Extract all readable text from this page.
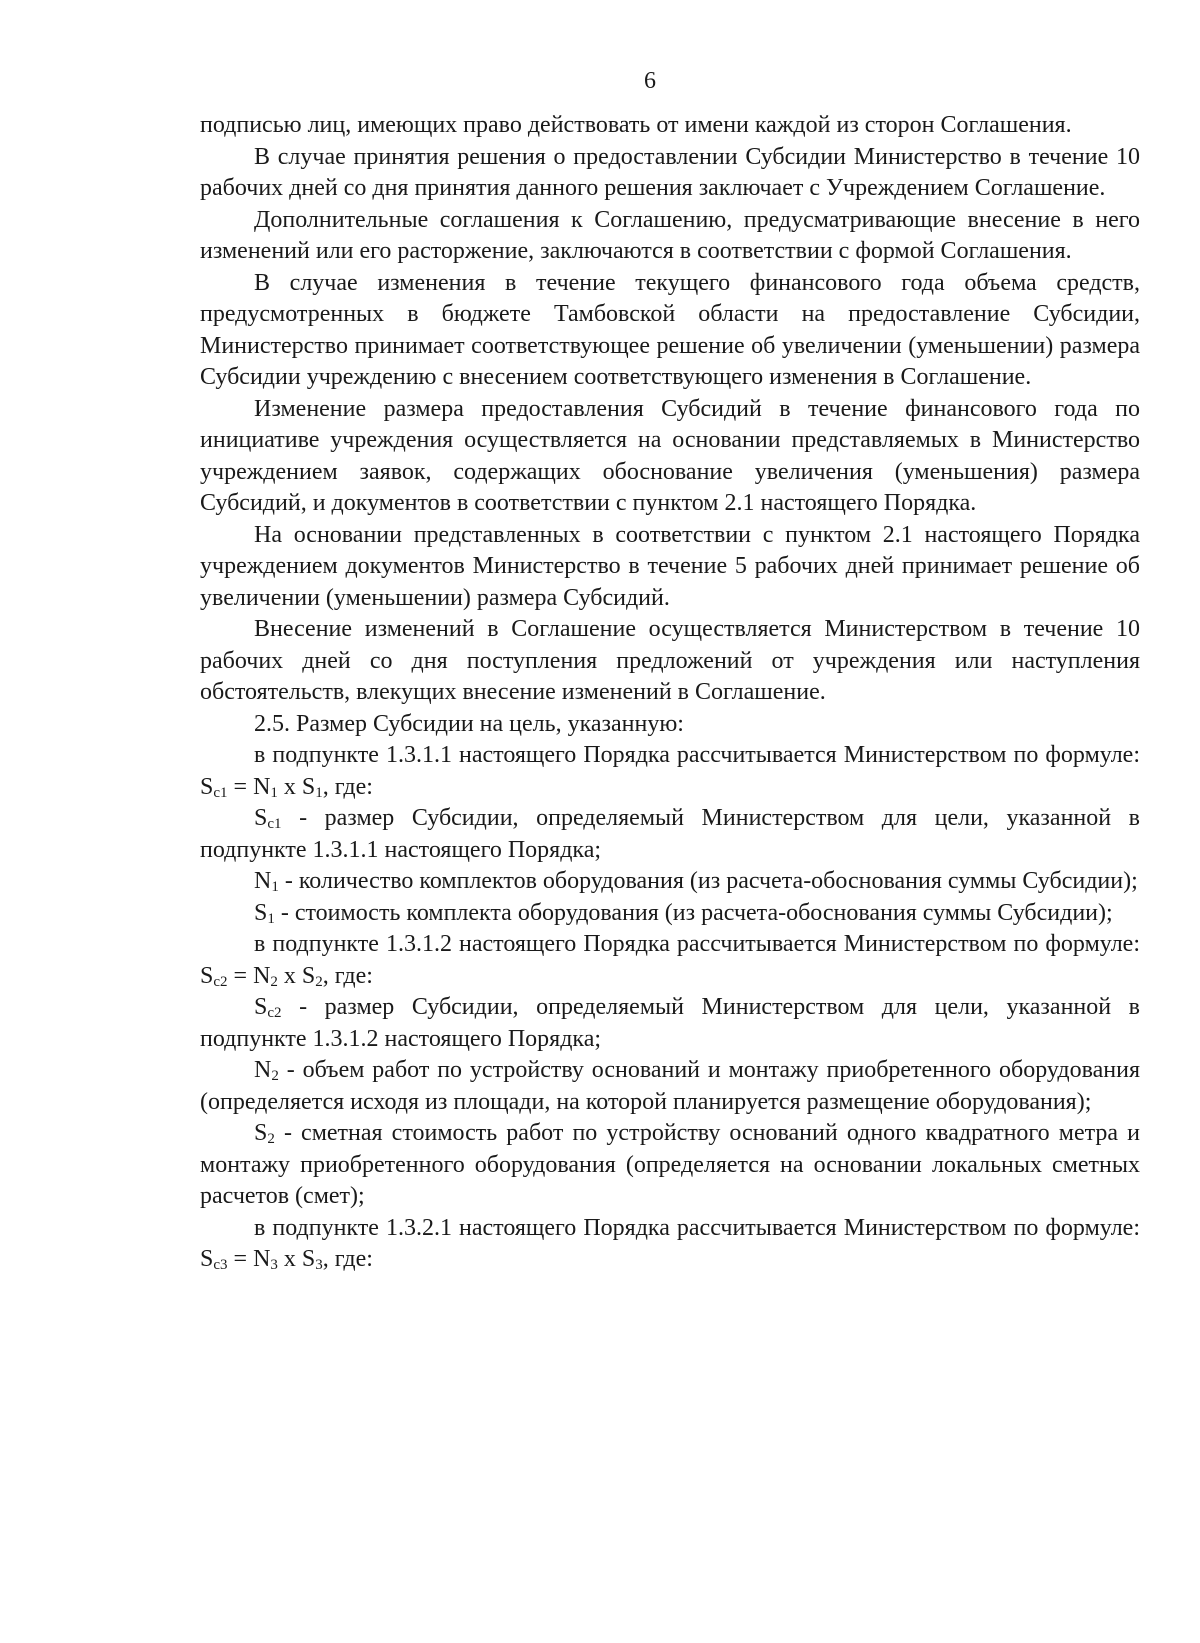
6

подписью лиц, имеющих право действовать от имени каждой из сторон Соглашения.

В случае принятия решения о предоставлении Субсидии Министерство в течение 10 рабочих дней со дня принятия данного решения заключает с Учреждением Соглашение.

Дополнительные соглашения к Соглашению, предусматривающие внесение в него изменений или его расторжение, заключаются в соответствии с формой Соглашения.

В случае изменения в течение текущего финансового года объема средств, предусмотренных в бюджете Тамбовской области на предоставление Субсидии, Министерство принимает соответствующее решение об увеличении (уменьшении) размера Субсидии учреждению с внесением соответствующего изменения в Соглашение.

Изменение размера предоставления Субсидий в течение финансового года по инициативе учреждения осуществляется на основании представляемых в Министерство учреждением заявок, содержащих обоснование увеличения (уменьшения) размера Субсидий, и документов в соответствии с пунктом 2.1 настоящего Порядка.

На основании представленных в соответствии с пунктом 2.1 настоящего Порядка учреждением документов Министерство в течение 5 рабочих дней принимает решение об увеличении (уменьшении) размера Субсидий.

Внесение изменений в Соглашение осуществляется Министерством в течение 10 рабочих дней со дня поступления предложений от учреждения или наступления обстоятельств, влекущих внесение изменений в Соглашение.

2.5. Размер Субсидии на цель, указанную:

в подпункте 1.3.1.1 настоящего Порядка рассчитывается Министерством по формуле: $S_{с1} = N_1$ х $S_1$, где:

$S_{с1}$ - размер Субсидии, определяемый Министерством для цели, указанной в подпункте 1.3.1.1 настоящего Порядка;

$N_1$ - количество комплектов оборудования (из расчета-обоснования суммы Субсидии);

$S_1$ - стоимость комплекта оборудования (из расчета-обоснования суммы Субсидии);

в подпункте 1.3.1.2 настоящего Порядка рассчитывается Министерством по формуле: $S_{с2} = N_2$ х $S_2$, где:

$S_{с2}$ - размер Субсидии, определяемый Министерством для цели, указанной в подпункте 1.3.1.2 настоящего Порядка;

$N_2$ - объем работ по устройству оснований и монтажу приобретенного оборудования (определяется исходя из площади, на которой планируется размещение оборудования);

$S_2$ - сметная стоимость работ по устройству оснований одного квадратного метра и монтажу приобретенного оборудования (определяется на основании локальных сметных расчетов (смет);

в подпункте 1.3.2.1 настоящего Порядка рассчитывается Министерством по формуле: $S_{с3} = N_3$ х $S_3$, где:
